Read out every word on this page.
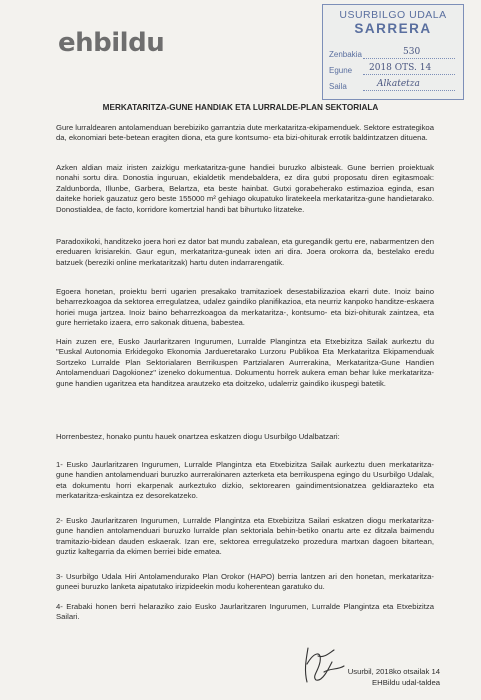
ehbildu
USURBILGO UDALA
SARRERA
Zenbakia	530
Egune	2018 OTS. 14
Saila	Alkatetza
MERKATARITZA-GUNE HANDIAK ETA LURRALDE-PLAN SEKTORIALA
Gure lurraldearen antolamenduan berebiziko garrantzia dute merkataritza-ekipamenduek. Sektore estrategikoa da, ekonomiari bete-betean eragiten diona, eta gure kontsumo- eta bizi-ohiturak errotik baldintzatzen dituena.
Azken aldian maiz iristen zaizkigu merkataritza-gune handiei buruzko albisteak. Gune berrien proiektuak nonahi sortu dira. Donostia inguruan, ekialdetik mendebaldera, ez dira gutxi proposatu diren egitasmoak: Zaldunborda, Illunbe, Garbera, Belartza, eta beste hainbat. Gutxi gorabeherako estimazioa eginda, esan daiteke horiek gauzatuz gero beste 155000 m² gehiago okupatuko liratekeela merkataritza-gune handietarako. Donostialdea, de facto, korridore komertzial handi bat bihurtuko litzateke.
Paradoxikoki, handitzeko joera hori ez dator bat mundu zabalean, eta guregandik gertu ere, nabarmentzen den ereduaren krisiarekin. Gaur egun, merkataritza-guneak ixten ari dira. Joera orokorra da, bestelako eredu batzuek (bereziki online merkataritzak) hartu duten indarrarengatik.
Egoera honetan, proiektu berri ugarien presakako tramitazioek desestabilizazioa ekarri dute. Inoiz baino beharrezkoagoa da sektorea erregulatzea, udalez gaindiko planifikazioa, eta neurriz kanpoko handitze-eskaera horiei muga jartzea. Inoiz baino beharrezkoagoa da merkataritza-, kontsumo- eta bizi-ohiturak zaintzea, eta gure herrietako izaera, erro sakonak dituena, babestea.
Hain zuzen ere, Eusko Jaurlaritzaren Ingurumen, Lurralde Plangintza eta Etxebizitza Sailak aurkeztu du "Euskal Autonomia Erkidegoko Ekonomia Jardueretarako Lurzoru Publikoa Eta Merkataritza Ekipamenduak Sortzeko Lurralde Plan Sektorialaren Berrikuspen Partzialaren Aurrerakina, Merkataritza-Gune Handien Antolamenduari Dagokionez" izeneko dokumentua. Dokumentu horrek aukera eman behar luke merkataritza-gune handien ugaritzea eta handitzea arautzeko eta doitzeko, udalerriz gaindiko ikuspegi batetik.
Horrenbestez, honako puntu hauek onartzea eskatzen diogu Usurbilgo Udalbatzari:
1- Eusko Jaurlaritzaren Ingurumen, Lurralde Plangintza eta Etxebizitza Sailak aurkeztu duen merkataritza-gune handien antolamenduari buruzko aurrerakinaren azterketa eta berrikuspena egingo du Usurbilgo Udalak, eta dokumentu horri ekarpenak aurkeztuko dizkio, sektorearen gaindimentsionatzea geldiarazteko eta merkataritza-eskaintza ez desorekatzeko.
2- Eusko Jaurlaritzaren Ingurumen, Lurralde Plangintza eta Etxebizitza Sailari eskatzen diogu merkataritza-gune handien antolamenduari buruzko lurralde plan sektoriala behin-betiko onartu arte ez ditzala baimendu tramitazio-bidean dauden eskaerak. Izan ere, sektorea erregulatzeko prozedura martxan dagoen bitartean, guztiz kaltegarria da ekimen berriei bide ematea.
3- Usurbilgo Udala Hiri Antolamendurako Plan Orokor (HAPO) berria lantzen ari den honetan, merkataritza-guneei buruzko lanketa aipatutako irizpideekin modu koherentean garatuko du.
4- Erabaki honen berri helaraziko zaio Eusko Jaurlaritzaren Ingurumen, Lurralde Plangintza eta Etxebizitza Sailari.
Usurbil, 2018ko otsailak 14
EHBildu udal-taldea
